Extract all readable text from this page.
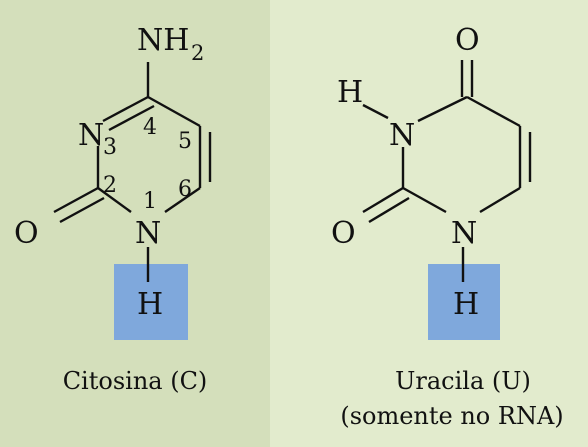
NH 2
N
N
O
H
1
2
3
4
5
6
O
H
N
N
O
H
Citosina (C)	Uracila (U)
(somente no RNA)
